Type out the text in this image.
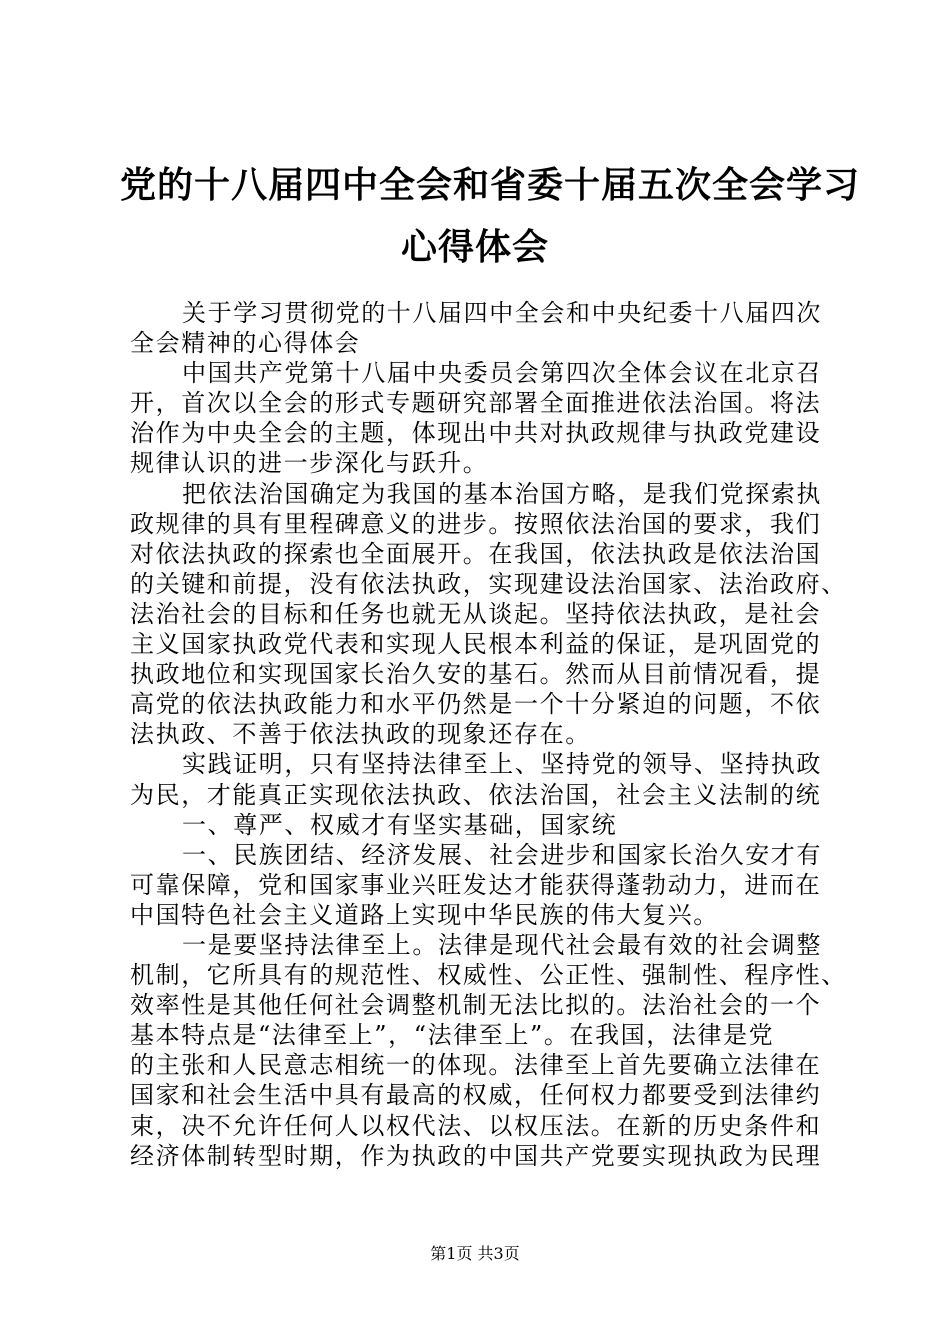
党的十八届四中全会和省委十届五次全会学习
心得体会
关于学习贯彻党的十八届四中全会和中央纪委十八届四次
全会精神的心得体会
中国共产党第十八届中央委员会第四次全体会议在北京召
开，首次以全会的形式专题研究部署全面推进依法治国。将法
治作为中央全会的主题，体现出中共对执政规律与执政党建设
规律认识的进一步深化与跃升。
把依法治国确定为我国的基本治国方略，是我们党探索执
政规律的具有里程碑意义的进步。按照依法治国的要求，我们
对依法执政的探索也全面展开。在我国，依法执政是依法治国
的关键和前提，没有依法执政，实现建设法治国家、法治政府、
法治社会的目标和任务也就无从谈起。坚持依法执政，是社会
主义国家执政党代表和实现人民根本利益的保证，是巩固党的
执政地位和实现国家长治久安的基石。然而从目前情况看，提
高党的依法执政能力和水平仍然是一个十分紧迫的问题，不依
法执政、不善于依法执政的现象还存在。
实践证明，只有坚持法律至上、坚持党的领导、坚持执政
为民，才能真正实现依法执政、依法治国，社会主义法制的统
一、尊严、权威才有坚实基础，国家统
一、民族团结、经济发展、社会进步和国家长治久安才有
可靠保障，党和国家事业兴旺发达才能获得蓬勃动力，进而在
中国特色社会主义道路上实现中华民族的伟大复兴。
一是要坚持法律至上。法律是现代社会最有效的社会调整
机制，它所具有的规范性、权威性、公正性、强制性、程序性、
效率性是其他任何社会调整机制无法比拟的。法治社会的一个
基本特点是“法律至上”，“法律至上”。在我国，法律是党
的主张和人民意志相统一的体现。法律至上首先要确立法律在
国家和社会生活中具有最高的权威，任何权力都要受到法律约
束，决不允许任何人以权代法、以权压法。在新的历史条件和
经济体制转型时期，作为执政的中国共产党要实现执政为民理
第1页 共3页
